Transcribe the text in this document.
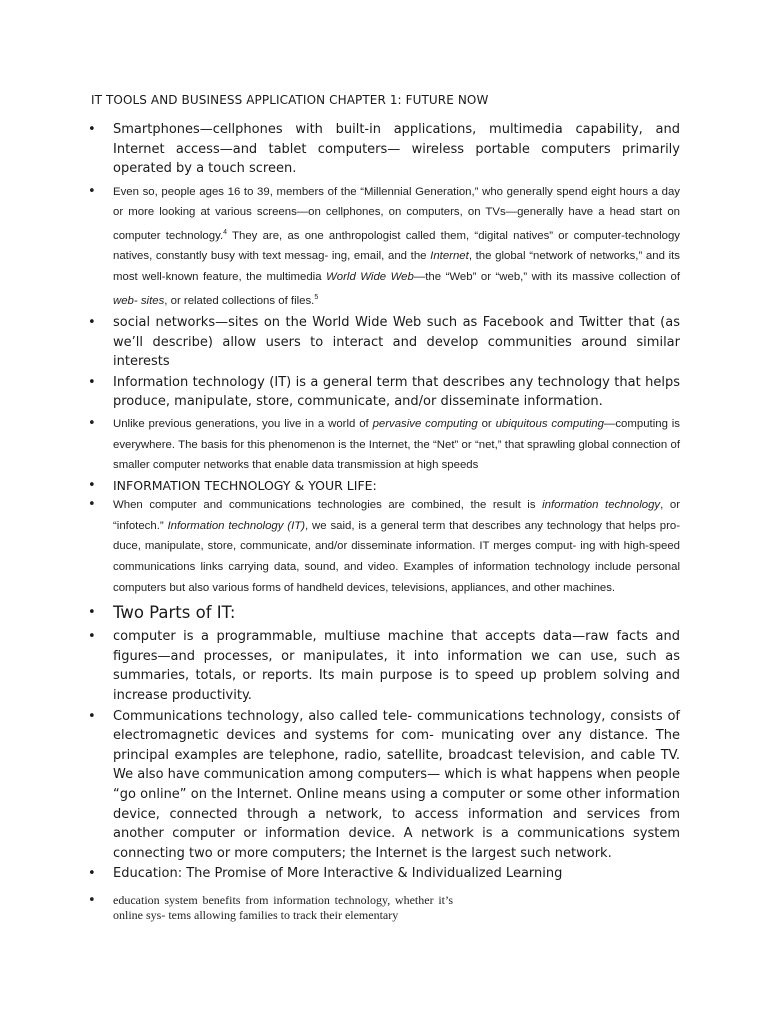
IT TOOLS AND BUSINESS APPLICATION CHAPTER 1: FUTURE NOW
• Smartphones—cellphones with built-in applications, multimedia capability, and Internet access—and tablet computers— wireless portable computers primarily operated by a touch screen.
• Even so, people ages 16 to 39, members of the “Millennial Generation,” who generally spend eight hours a day or more looking at various screens—on cellphones, on computers, on TVs—generally have a head start on computer technology.$^4$ They are, as one anthropologist called them, “digital natives” or computer-technology natives, constantly busy with text messag- ing, email, and the Internet, the global “network of networks,” and its most well-known feature, the multimedia World Wide Web—the “Web” or “web,” with its massive collection of web- sites, or related collections of files.$^5$
• social networks—sites on the World Wide Web such as Facebook and Twitter that (as we’ll describe) allow users to interact and develop communities around similar interests
• Information technology (IT) is a general term that describes any technology that helps produce, manipulate, store, communicate, and/or disseminate information.
• Unlike previous generations, you live in a world of pervasive computing or ubiquitous computing—computing is everywhere. The basis for this phenomenon is the Internet, the “Net” or “net,” that sprawling global connection of smaller computer networks that enable data transmission at high speeds
• INFORMATION TECHNOLOGY & YOUR LIFE:
• When computer and communications technologies are combined, the result is information technology, or “infotech.” Information technology (IT), we said, is a general term that describes any technology that helps pro- duce, manipulate, store, communicate, and/or disseminate information. IT merges comput- ing with high-speed communications links carrying data, sound, and video. Examples of information technology include personal computers but also various forms of handheld devices, televisions, appliances, and other machines.
• Two Parts of IT:
• computer is a programmable, multiuse machine that accepts data—raw facts and figures—and processes, or manipulates, it into information we can use, such as summaries, totals, or reports. Its main purpose is to speed up problem solving and increase productivity.
• Communications technology, also called tele- communications technology, consists of electromagnetic devices and systems for com- municating over any distance. The principal examples are telephone, radio, satellite, broadcast television, and cable TV. We also have communication among computers— which is what happens when people “go online” on the Internet. Online means using a computer or some other information device, connected through a network, to access information and services from another computer or information device. A network is a communications system connecting two or more computers; the Internet is the largest such network.
• Education: The Promise of More Interactive & Individualized Learning
• education system benefits from information technology, whether it’s online sys- tems allowing families to track their elementary
